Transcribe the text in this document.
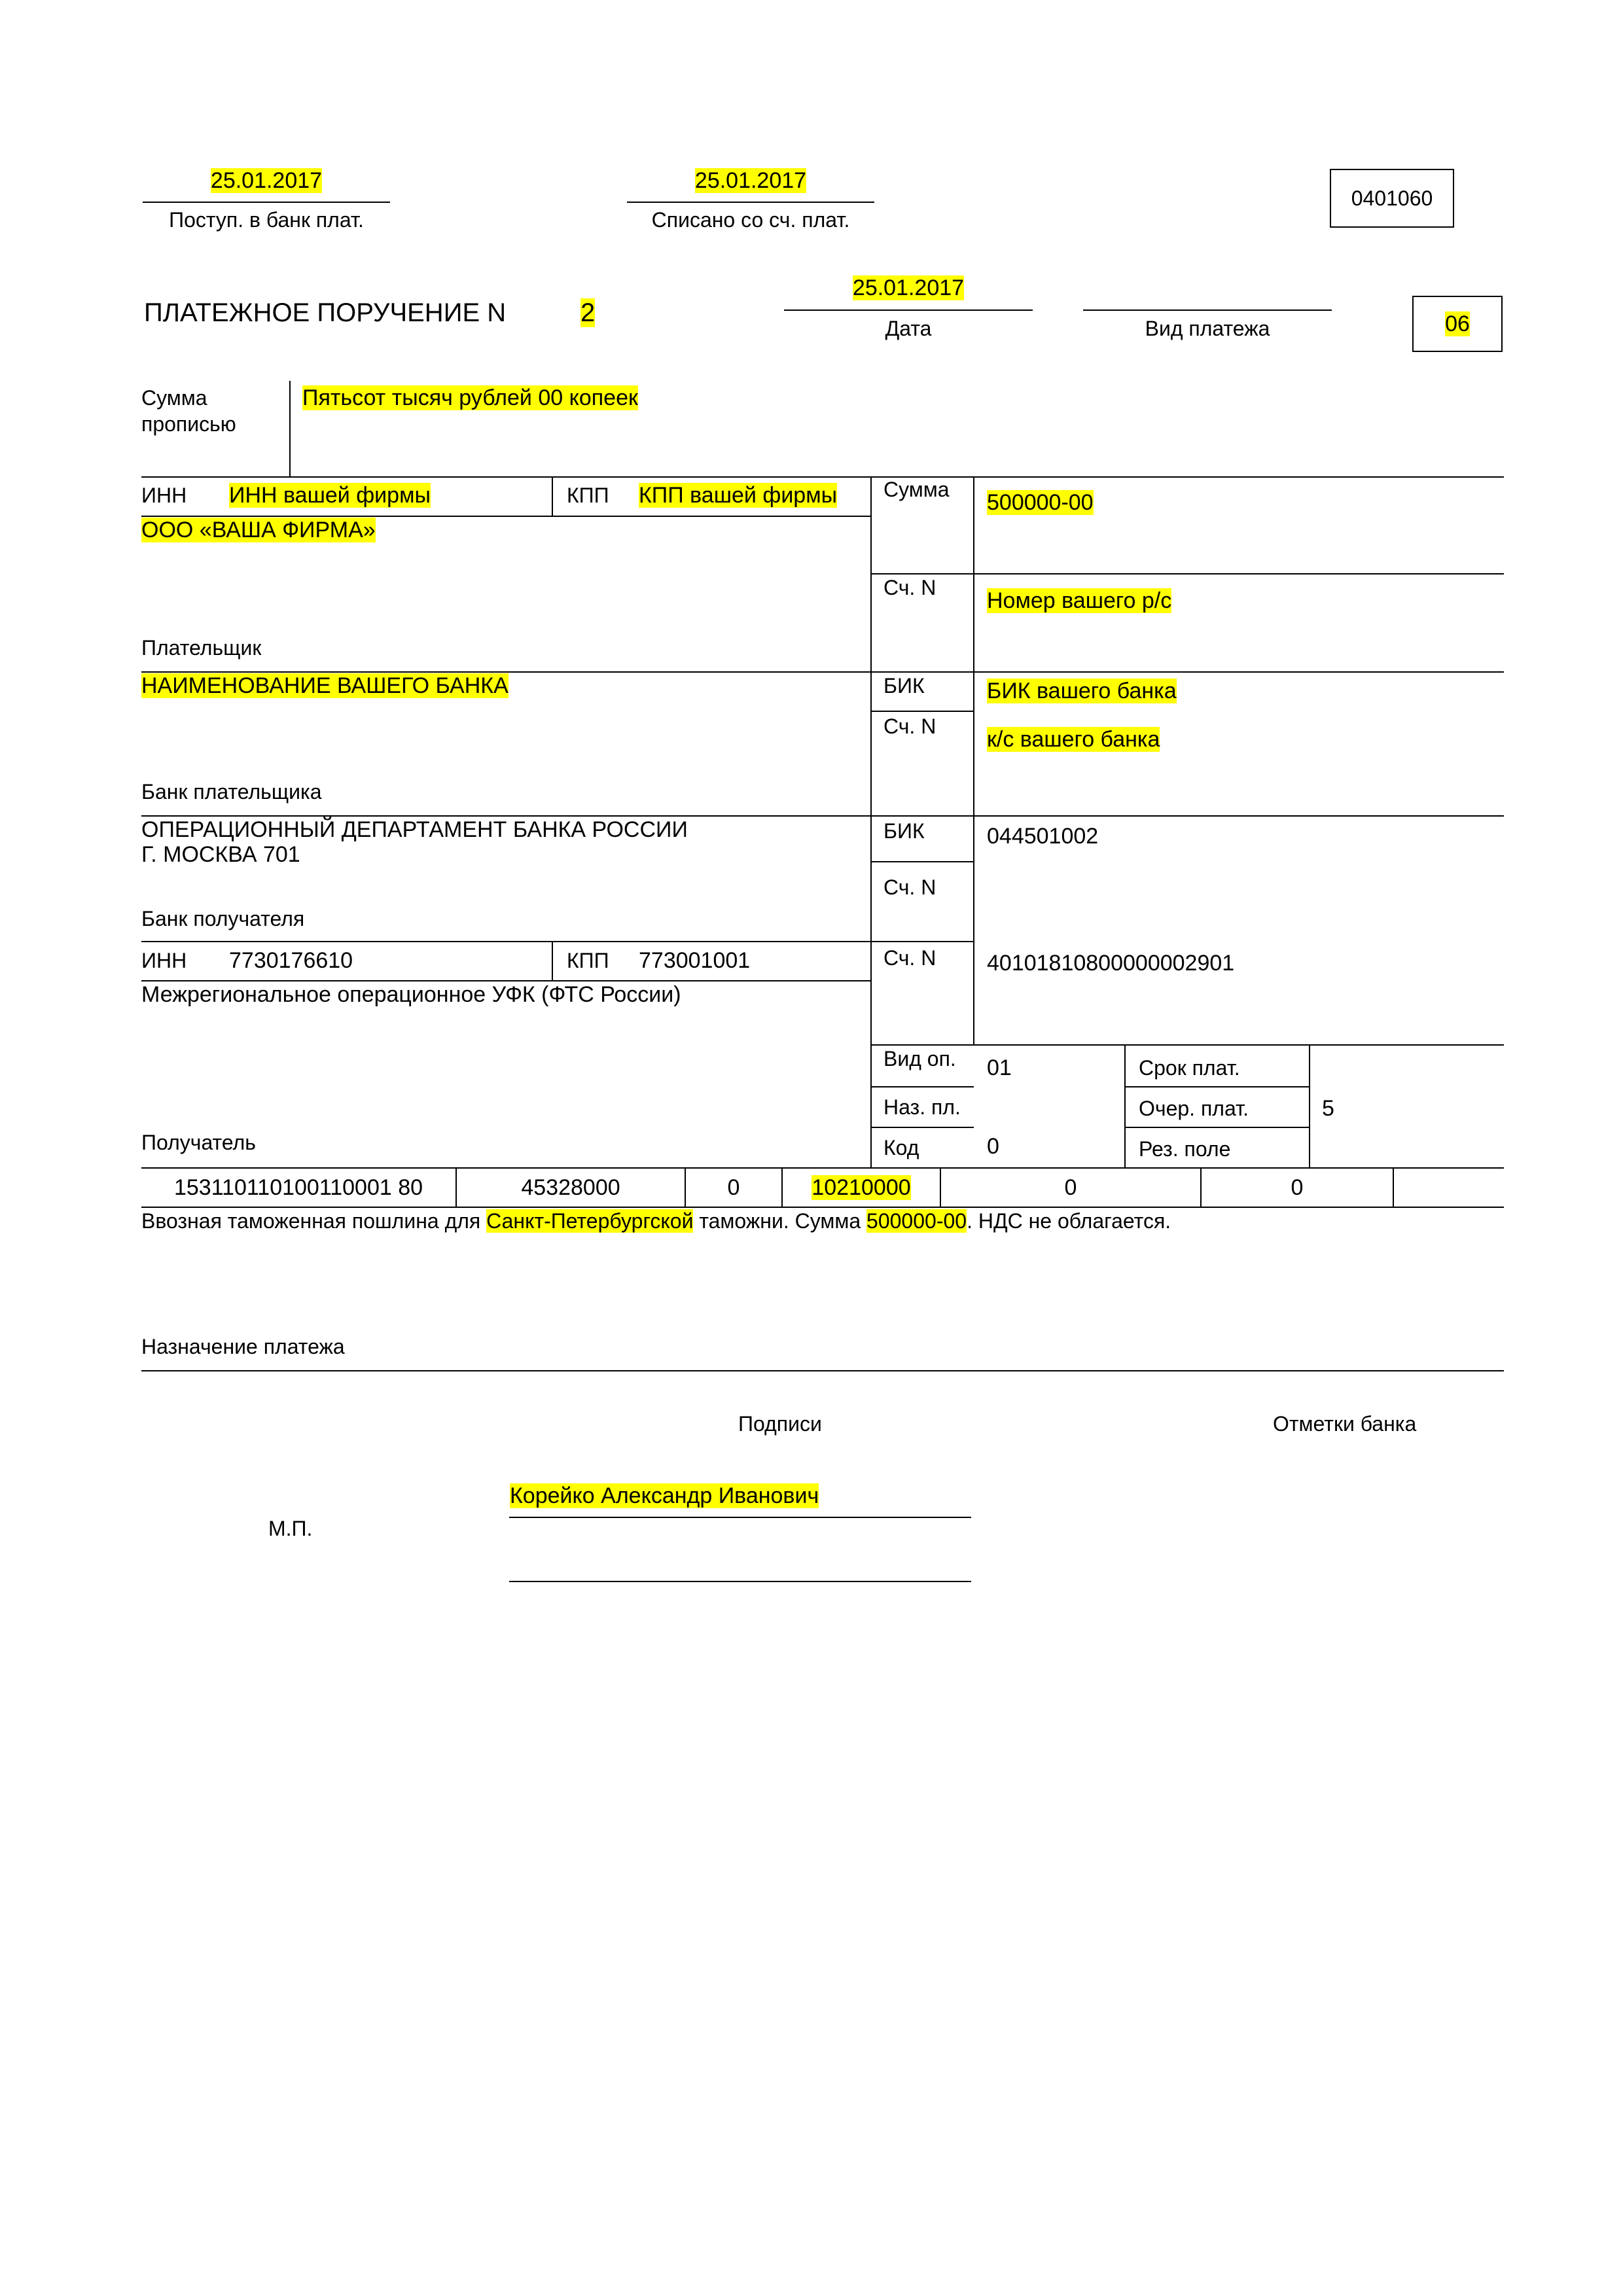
25.01.2017
Поступ. в банк плат.
25.01.2017
Списано со сч. плат.
0401060
ПЛАТЕЖНОЕ ПОРУЧЕНИЕ N	2
25.01.2017
Дата	Вид платежа	06
Сумма
прописью
Пятьсот тысяч рублей 00 копеек
ИНН ИНН вашей фирмы	КПП КПП вашей фирмы
ООО «ВАША ФИРМА»
Плательщик
Сумма
500000-00
Сч. N
Номер вашего р/с
НАИМЕНОВАНИЕ ВАШЕГО БАНКА
Банк плательщика
БИК	БИК вашего банка
Сч. N
к/с вашего банка
ОПЕРАЦИОННЫЙ ДЕПАРТАМЕНТ БАНКА РОССИИ
Г. МОСКВА 701
Банк получателя
БИК	044501002
Сч. N
ИНН 7730176610	КПП 773001001
Межрегиональное операционное УФК (ФТС России)
Получатель
Сч. N 40101810800000002901
Вид оп. 01
Наз. пл.
Код	0
Срок плат.
Очер. плат.	5
Рез. поле
153110110100110001 80	45328000	0	10210000	0	0
Ввозная таможенная пошлина для Санкт-Петербургской таможни. Сумма 500000-00. НДС не облагается.
Назначение платежа
Подписи	Отметки банка
М.П.
Корейко Александр Иванович
